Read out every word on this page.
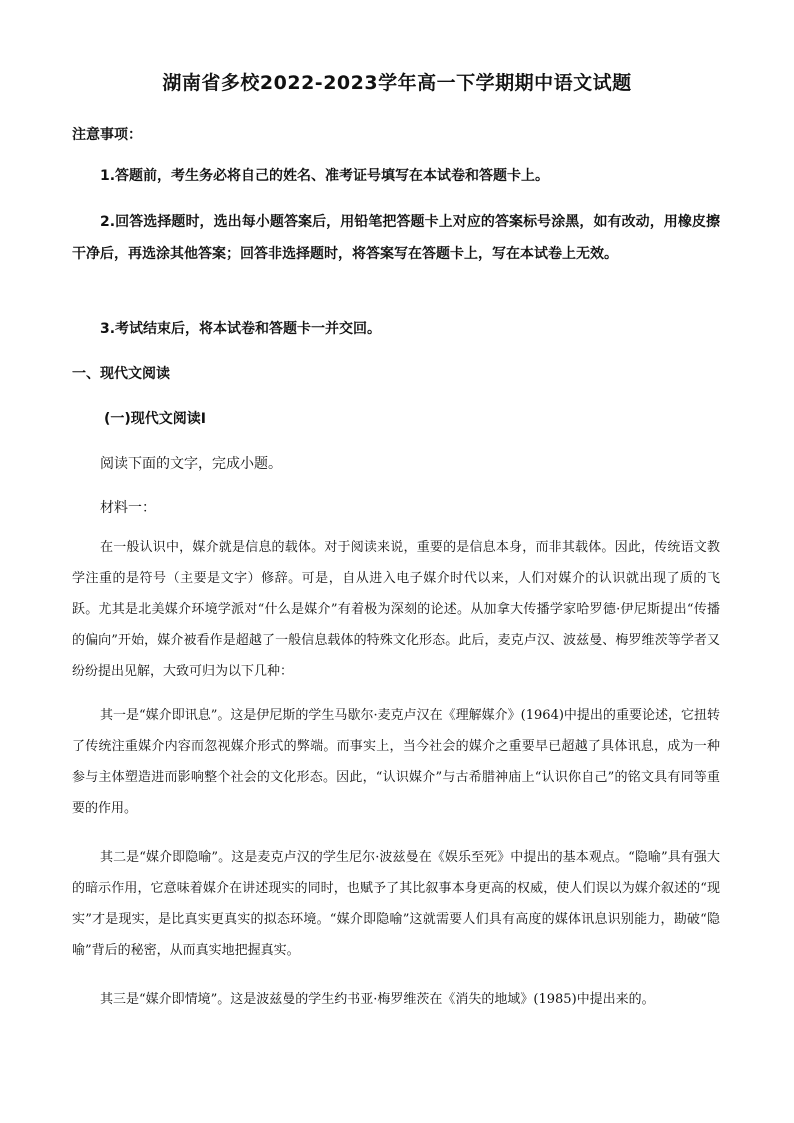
湖南省多校2022-2023学年高一下学期期中语文试题
注意事项：
1.答题前，考生务必将自己的姓名、准考证号填写在本试卷和答题卡上。
2.回答选择题时，选出每小题答案后，用铅笔把答题卡上对应的答案标号涂黑，如有改动，用橡皮擦干净后，再选涂其他答案；回答非选择题时，将答案写在答题卡上，写在本试卷上无效。
3.考试结束后，将本试卷和答题卡一并交回。
一、现代文阅读
(一)现代文阅读Ⅰ
阅读下面的文字，完成小题。
材料一：
在一般认识中，媒介就是信息的载体。对于阅读来说，重要的是信息本身，而非其载体。因此，传统语文教学注重的是符号（主要是文字）修辞。可是，自从进入电子媒介时代以来，人们对媒介的认识就出现了质的飞跃。尤其是北美媒介环境学派对“什么是媒介”有着极为深刻的论述。从加拿大传播学家哈罗德·伊尼斯提出“传播的偏向”开始，媒介被看作是超越了一般信息载体的特殊文化形态。此后，麦克卢汉、波兹曼、梅罗维茨等学者又纷纷提出见解，大致可归为以下几种：
其一是“媒介即讯息”。这是伊尼斯的学生马歇尔·麦克卢汉在《理解媒介》(1964)中提出的重要论述，它扭转了传统注重媒介内容而忽视媒介形式的弊端。而事实上，当今社会的媒介之重要早已超越了具体讯息，成为一种参与主体塑造进而影响整个社会的文化形态。因此，“认识媒介”与古希腊神庙上“认识你自己”的铭文具有同等重要的作用。
其二是“媒介即隐喻”。这是麦克卢汉的学生尼尔·波兹曼在《娱乐至死》中提出的基本观点。“隐喻”具有强大的暗示作用，它意味着媒介在讲述现实的同时，也赋予了其比叙事本身更高的权威，使人们误以为媒介叙述的“现实”才是现实，是比真实更真实的拟态环境。“媒介即隐喻”这就需要人们具有高度的媒体讯息识别能力，勘破“隐喻”背后的秘密，从而真实地把握真实。
其三是“媒介即情境”。这是波兹曼的学生约书亚·梅罗维茨在《消失的地域》(1985)中提出来的。
